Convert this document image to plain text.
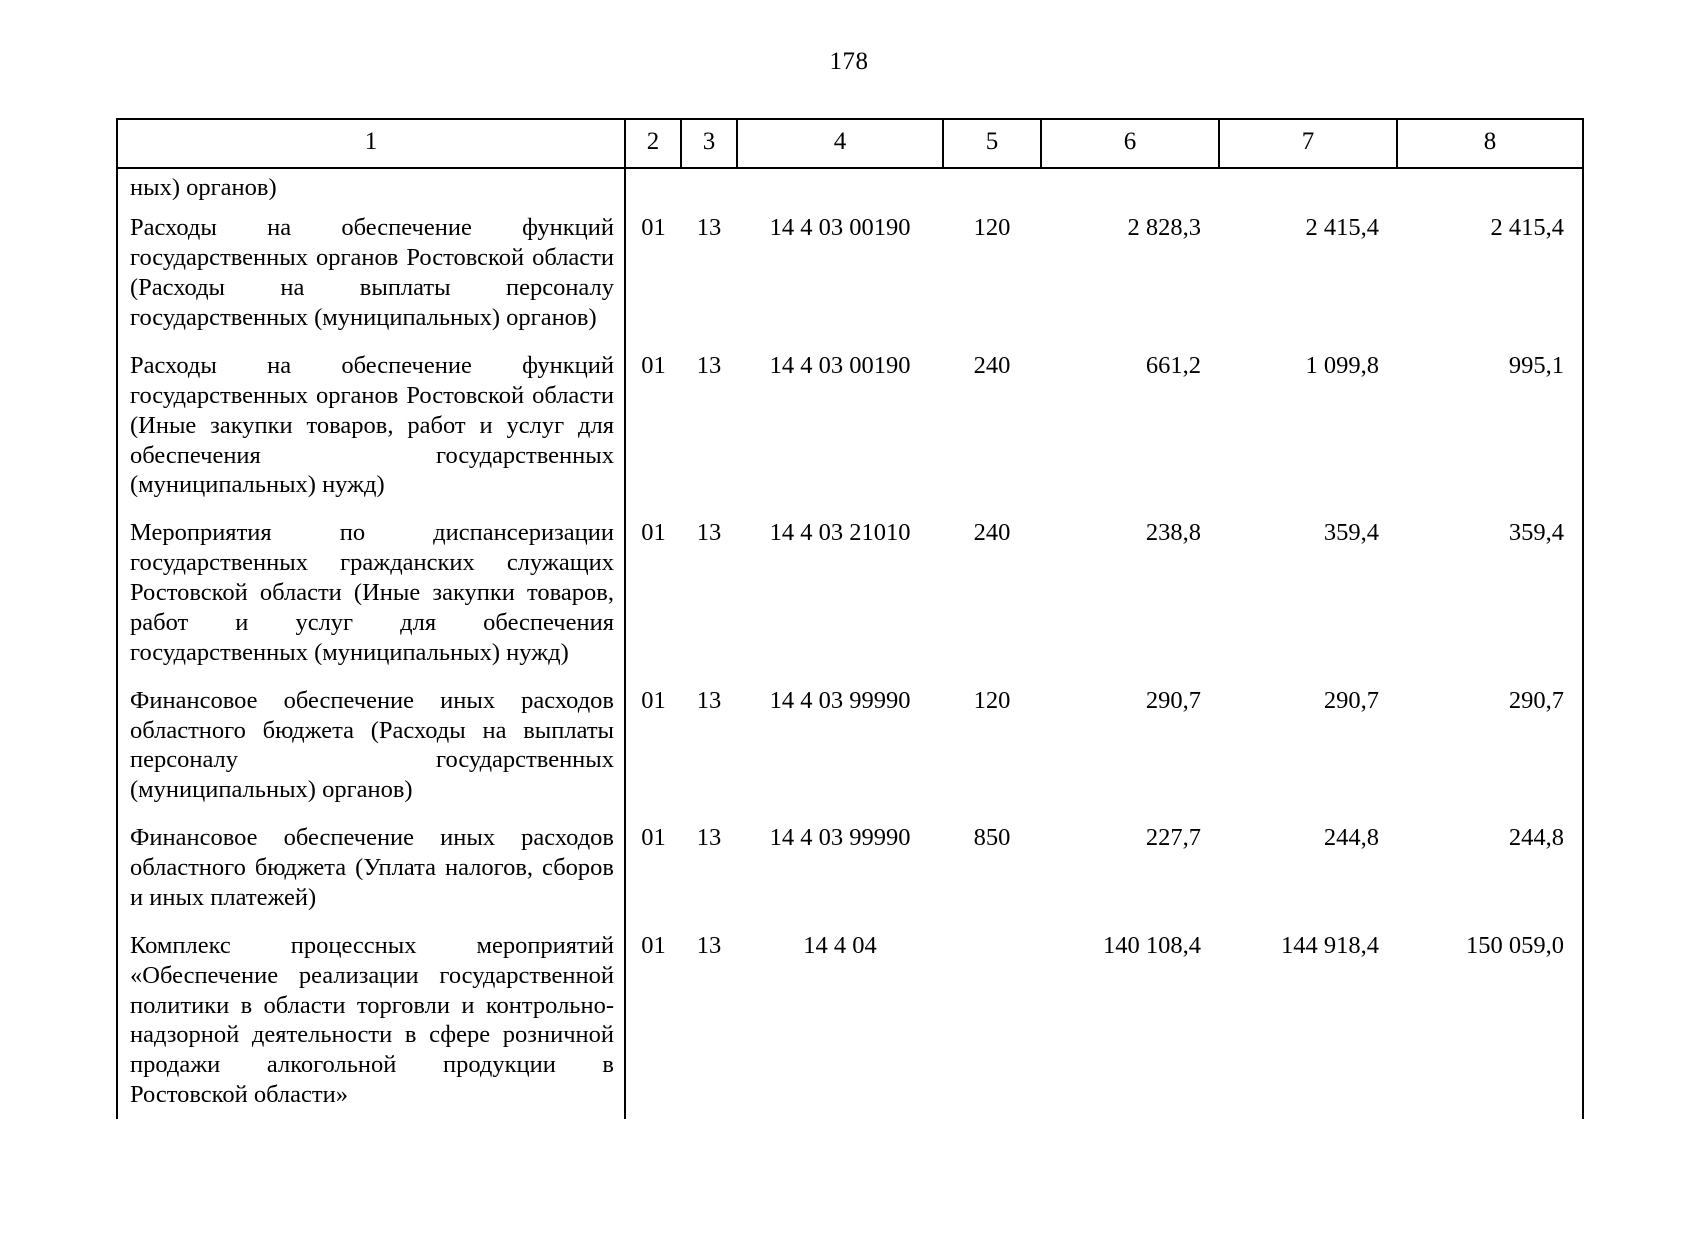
178
1	2	3	4	5	6	7	8

ных) органов)							

Расходы на обеспечение функций государственных органов Ростовской области (Расходы на выплаты персоналу государственных (муниципальных) органов)	01	13	14 4 03 00190	120	2 828,3	2 415,4	2 415,4

Расходы на обеспечение функций государственных органов Ростовской области (Иные закупки товаров, работ и услуг для обеспечения государственных (муниципальных) нужд)	01	13	14 4 03 00190	240	661,2	1 099,8	995,1

Мероприятия по диспансеризации государственных гражданских служащих Ростовской области (Иные закупки товаров, работ и услуг для обеспечения государственных (муниципальных) нужд)	01	13	14 4 03 21010	240	238,8	359,4	359,4

Финансовое обеспечение иных расходов областного бюджета (Расходы на выплаты персоналу государственных (муниципальных) органов)	01	13	14 4 03 99990	120	290,7	290,7	290,7

Финансовое обеспечение иных расходов областного бюджета (Уплата налогов, сборов и иных платежей)	01	13	14 4 03 99990	850	227,7	244,8	244,8

Комплекс процессных мероприятий «Обеспечение реализации государственной политики в области торговли и контрольно-надзорной деятельности в сфере розничной продажи алкогольной продукции в Ростовской области»	01	13	14 4 04		140 108,4	144 918,4	150 059,0
